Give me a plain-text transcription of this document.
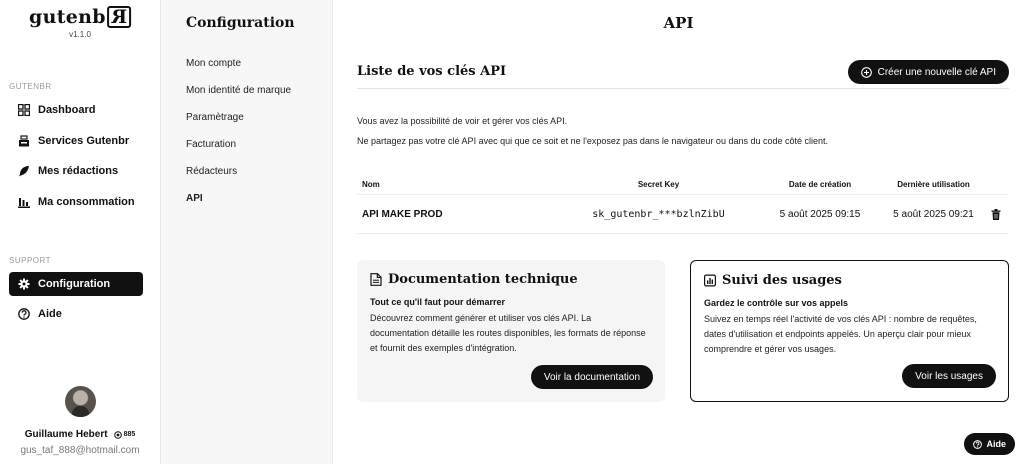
gutenb R
v1.1.0
GUTENBR
Dashboard
Services Gutenbr
Mes rédactions
Ma consommation
SUPPORT
Configuration
Aide
Guillaume Hebert 885
gus_taf_888@hotmail.com
Configuration
Mon compte
Mon identité de marque
Paramètrage
Facturation
Rédacteurs
API
API
Liste de vos clés API	Créer une nouvelle clé API
Vous avez la possibilité de voir et gérer vos clés API.
Ne partagez pas votre clé API avec qui que ce soit et ne l'exposez pas dans le navigateur ou dans du code côté client.
Nom	Secret Key	Date de création	Dernière utilisation
API MAKE PROD	sk_gutenbr_***bzlnZibU	5 août 2025 09:15	5 août 2025 09:21
Documentation technique
Tout ce qu'il faut pour démarrer
Découvrez comment générer et utiliser vos clés API. La documentation détaille les routes disponibles, les formats de réponse et fournit des exemples d'intégration.
Voir la documentation
Suivi des usages
Gardez le contrôle sur vos appels
Suivez en temps réel l'activité de vos clés API : nombre de requêtes, dates d'utilisation et endpoints appelés. Un aperçu clair pour mieux comprendre et gérer vos usages.
Voir les usages
Aide
